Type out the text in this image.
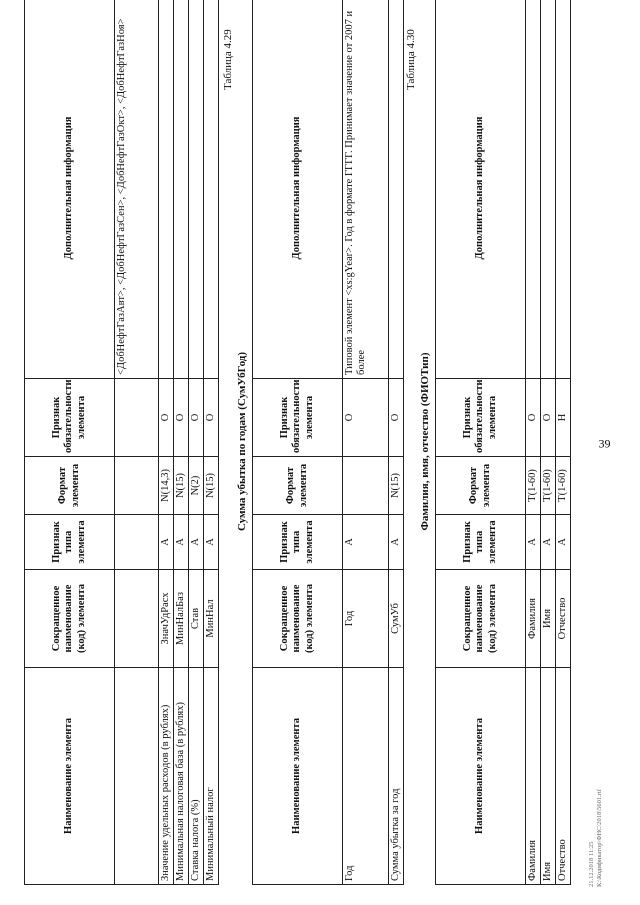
39
Наименование элемента	Сокращенное наименование (код) элемента	Признак типа элемента	Формат элемента	Признак обязательности элемента	Дополнительная информация
					<ДобНефтГазАвт>, <ДобНефтГазСен>, <ДобНефтГазОкт>, <ДобНефтГазНоя>
Значение удельных расходов (в рублях)	ЗначУдРасх	А	N(14,3)	О	
Минимальная налоговая база (в рублях)	МинНалБаз	А	N(15)	О	
Ставка налога (%)	Став	А	N(2)	О	
Минимальный налог	МинНал	А	N(15)	О	
Таблица 4.29
Сумма убытка по годам (СумУбГод)
Наименование элемента	Сокращенное наименование (код) элемента	Признак типа элемента	Формат элемента	Признак обязательности элемента	Дополнительная информация
Год	Год	А		О	Типовой элемент <xs:gYear>. Год в формате ГГГГ. Принимает значение от 2007 и более
Сумма убытка за год	СумУб	А	N(15)	О	
Таблица 4.30
Фамилия, имя, отчество (ФИОТип)
Наименование элемента	Сокращенное наименование (код) элемента	Признак типа элемента	Формат элемента	Признак обязательности элемента	Дополнительная информация
Фамилия	Фамилия	А	T(1-60)	О	
Имя	Имя	А	T(1-60)	О	
Отчество	Отчество	А	T(1-60)	Н	
21.12.2018 11:25 К:\Кодификатор\ФНС\2018\5601.rtf
